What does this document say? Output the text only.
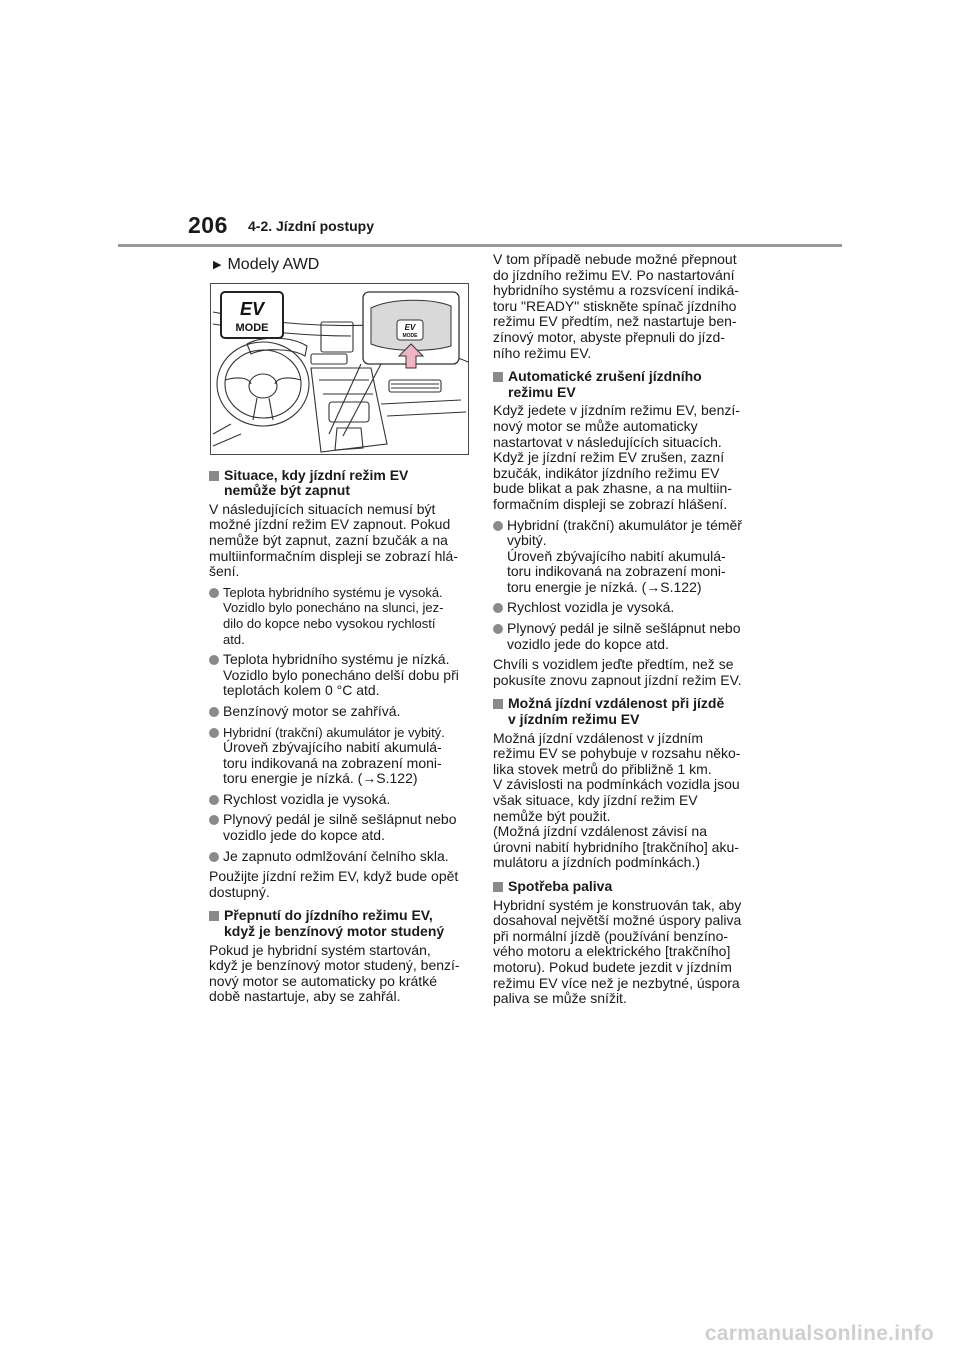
206 4-2. Jízdní postupy
▶ Modely AWD
EV
MODE	EV
MODE
Situace, kdy jízdní režim EV
nemůže být zapnut

V následujících situacích nemusí být
možné jízdní režim EV zapnout. Pokud
nemůže být zapnut, zazní bzučák a na
multiinformačním displeji se zobrazí hlá-
šení.

Teplota hybridního systému je vysoká.
Vozidlo bylo ponecháno na slunci, jez-
dilo do kopce nebo vysokou rychlostí
atd.
Teplota hybridního systému je nízká.
Vozidlo bylo ponecháno delší dobu při
teplotách kolem 0 °C atd.
Benzínový motor se zahřívá.
Hybridní (trakční) akumulátor je vybitý.
Úroveň zbývajícího nabití akumulá-
toru indikovaná na zobrazení moni-
toru energie je nízká. (→S.122)
Rychlost vozidla je vysoká.
Plynový pedál je silně sešlápnut nebo
vozidlo jede do kopce atd.
Je zapnuto odmlžování čelního skla.

Použijte jízdní režim EV, když bude opět
dostupný.

Přepnutí do jízdního režimu EV,
když je benzínový motor studený

Pokud je hybridní systém startován,
když je benzínový motor studený, benzí-
nový motor se automaticky po krátké
době nastartuje, aby se zahřál.

V tom případě nebude možné přepnout
do jízdního režimu EV. Po nastartování
hybridního systému a rozsvícení indiká-
toru "READY" stiskněte spínač jízdního
režimu EV předtím, než nastartuje ben-
zínový motor, abyste přepnuli do jízd-
ního režimu EV.

Automatické zrušení jízdního
režimu EV

Když jedete v jízdním režimu EV, benzí-
nový motor se může automaticky
nastartovat v následujících situacích.
Když je jízdní režim EV zrušen, zazní
bzučák, indikátor jízdního režimu EV
bude blikat a pak zhasne, a na multiin-
formačním displeji se zobrazí hlášení.

Hybridní (trakční) akumulátor je téměř
vybitý.
Úroveň zbývajícího nabití akumulá-
toru indikovaná na zobrazení moni-
toru energie je nízká. (→S.122)
Rychlost vozidla je vysoká.
Plynový pedál je silně sešlápnut nebo
vozidlo jede do kopce atd.

Chvíli s vozidlem jeďte předtím, než se
pokusíte znovu zapnout jízdní režim EV.

Možná jízdní vzdálenost při jízdě
v jízdním režimu EV

Možná jízdní vzdálenost v jízdním
režimu EV se pohybuje v rozsahu něko-
lika stovek metrů do přibližně 1 km.
V závislosti na podmínkách vozidla jsou
však situace, kdy jízdní režim EV
nemůže být použit.
(Možná jízdní vzdálenost závisí na
úrovni nabití hybridního [trakčního] aku-
mulátoru a jízdních podmínkách.)

Spotřeba paliva

Hybridní systém je konstruován tak, aby
dosahoval největší možné úspory paliva
při normální jízdě (používání benzíno-
vého motoru a elektrického [trakčního]
motoru). Pokud budete jezdit v jízdním
režimu EV více než je nezbytné, úspora
paliva se může snížit.

carmanualsonline.info
